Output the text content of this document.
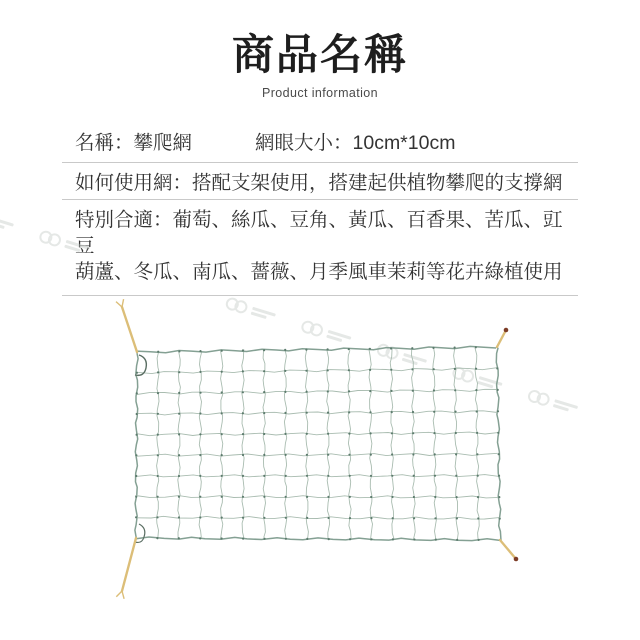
商品名稱

Product information

名稱：攀爬網	網眼大小：10cm*10cm
如何使用網：搭配支架使用，搭建起供植物攀爬的支撐網
特別合適：葡萄、絲瓜、豆角、黃瓜、百香果、苦瓜、豇豆
葫蘆、冬瓜、南瓜、薔薇、月季風車茉莉等花卉綠植使用
